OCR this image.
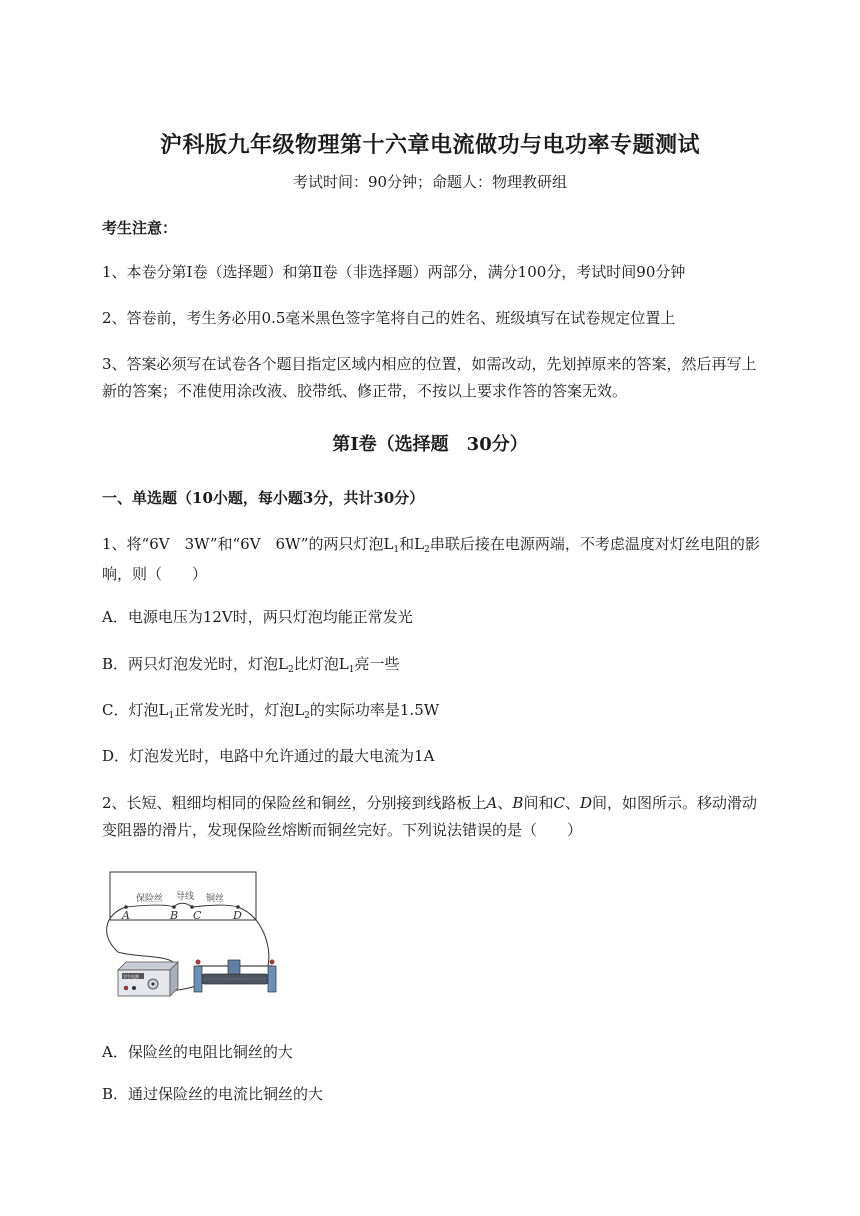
沪科版九年级物理第十六章电流做功与电功率专题测试
考试时间：90分钟；命题人：物理教研组
考生注意：
1、本卷分第Ⅰ卷（选择题）和第Ⅱ卷（非选择题）两部分，满分100分，考试时间90分钟
2、答卷前，考生务必用0.5毫米黑色签字笔将自己的姓名、班级填写在试卷规定位置上
3、答案必须写在试卷各个题目指定区域内相应的位置，如需改动，先划掉原来的答案，然后再写上新的答案；不准使用涂改液、胶带纸、修正带，不按以上要求作答的答案无效。
第Ⅰ卷（选择题　30分）
一、单选题（10小题，每小题3分，共计30分）
1、将“6V　3W”和“6V　6W”的两只灯泡$L_1$和$L_2$串联后接在电源两端，不考虑温度对灯丝电阻的影响，则（　　）
A．电源电压为12V时，两只灯泡均能正常发光
B．两只灯泡发光时，灯泡$L_2$比灯泡$L_1$亮一些
C．灯泡$L_1$正常发光时，灯泡$L_2$的实际功率是1.5W
D．灯泡发光时，电路中允许通过的最大电流为1A
2、长短、粗细均相同的保险丝和铜丝，分别接到线路板上A、B间和C、D间，如图所示。移动滑动变阻器的滑片，发现保险丝熔断而铜丝完好。下列说法错误的是（　　）
保险丝 导线 铜丝
A	B C	D
学生电源
A．保险丝的电阻比铜丝的大
B．通过保险丝的电流比铜丝的大
